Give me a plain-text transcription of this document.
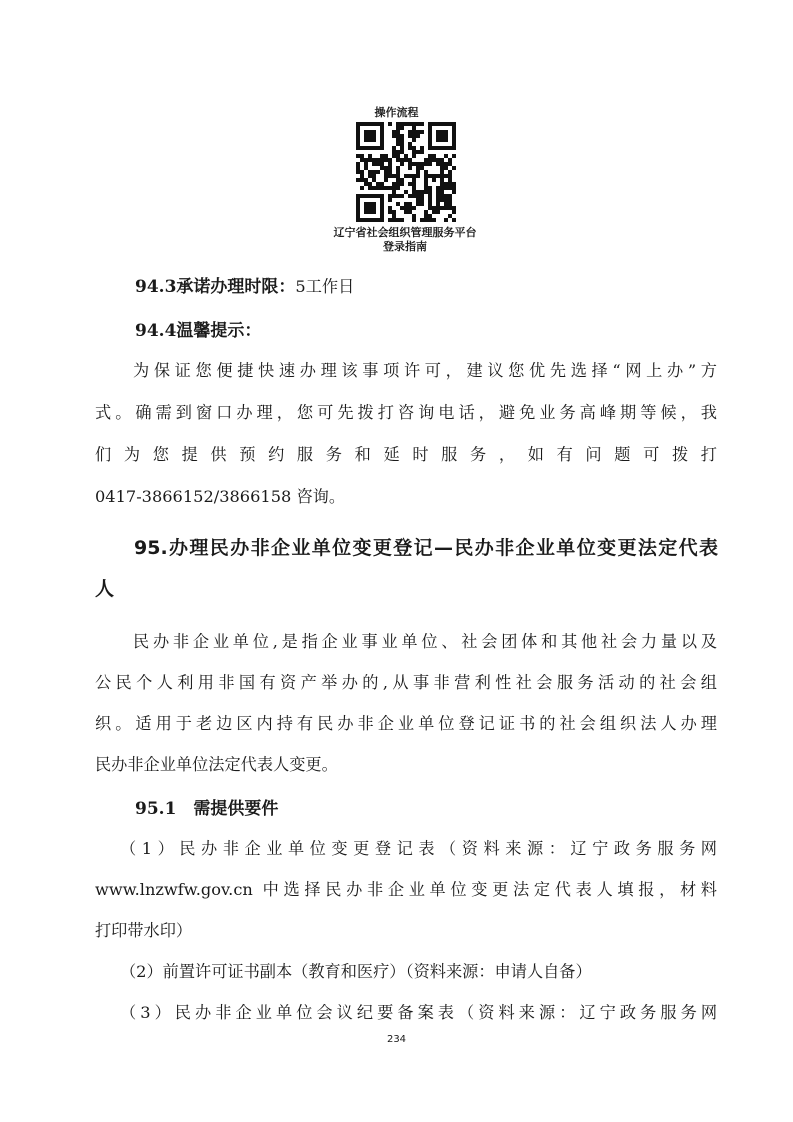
操作流程
辽宁省社会组织管理服务平台登录指南
94.3承诺办理时限：5工作日
94.4温馨提示：
为保证您便捷快速办理该事项许可，建议您优先选择“网上办”方
式。确需到窗口办理，您可先拨打咨询电话，避免业务高峰期等候，我
们为您提供预约服务和延时服务，如有问题可拨打
0417-3866152/3866158 咨询。
95.办理民办非企业单位变更登记—民办非企业单位变更法定代表
人
民办非企业单位,是指企业事业单位、社会团体和其他社会力量以及
公民个人利用非国有资产举办的,从事非营利性社会服务活动的社会组
织。适用于老边区内持有民办非企业单位登记证书的社会组织法人办理
民办非企业单位法定代表人变更。
95.1　需提供要件
（1）民办非企业单位变更登记表（资料来源：辽宁政务服务网
www.lnzwfw.gov.cn 中选择民办非企业单位变更法定代表人填报，材料
打印带水印）
（2）前置许可证书副本（教育和医疗）（资料来源：申请人自备）
（3）民办非企业单位会议纪要备案表（资料来源：辽宁政务服务网
234
